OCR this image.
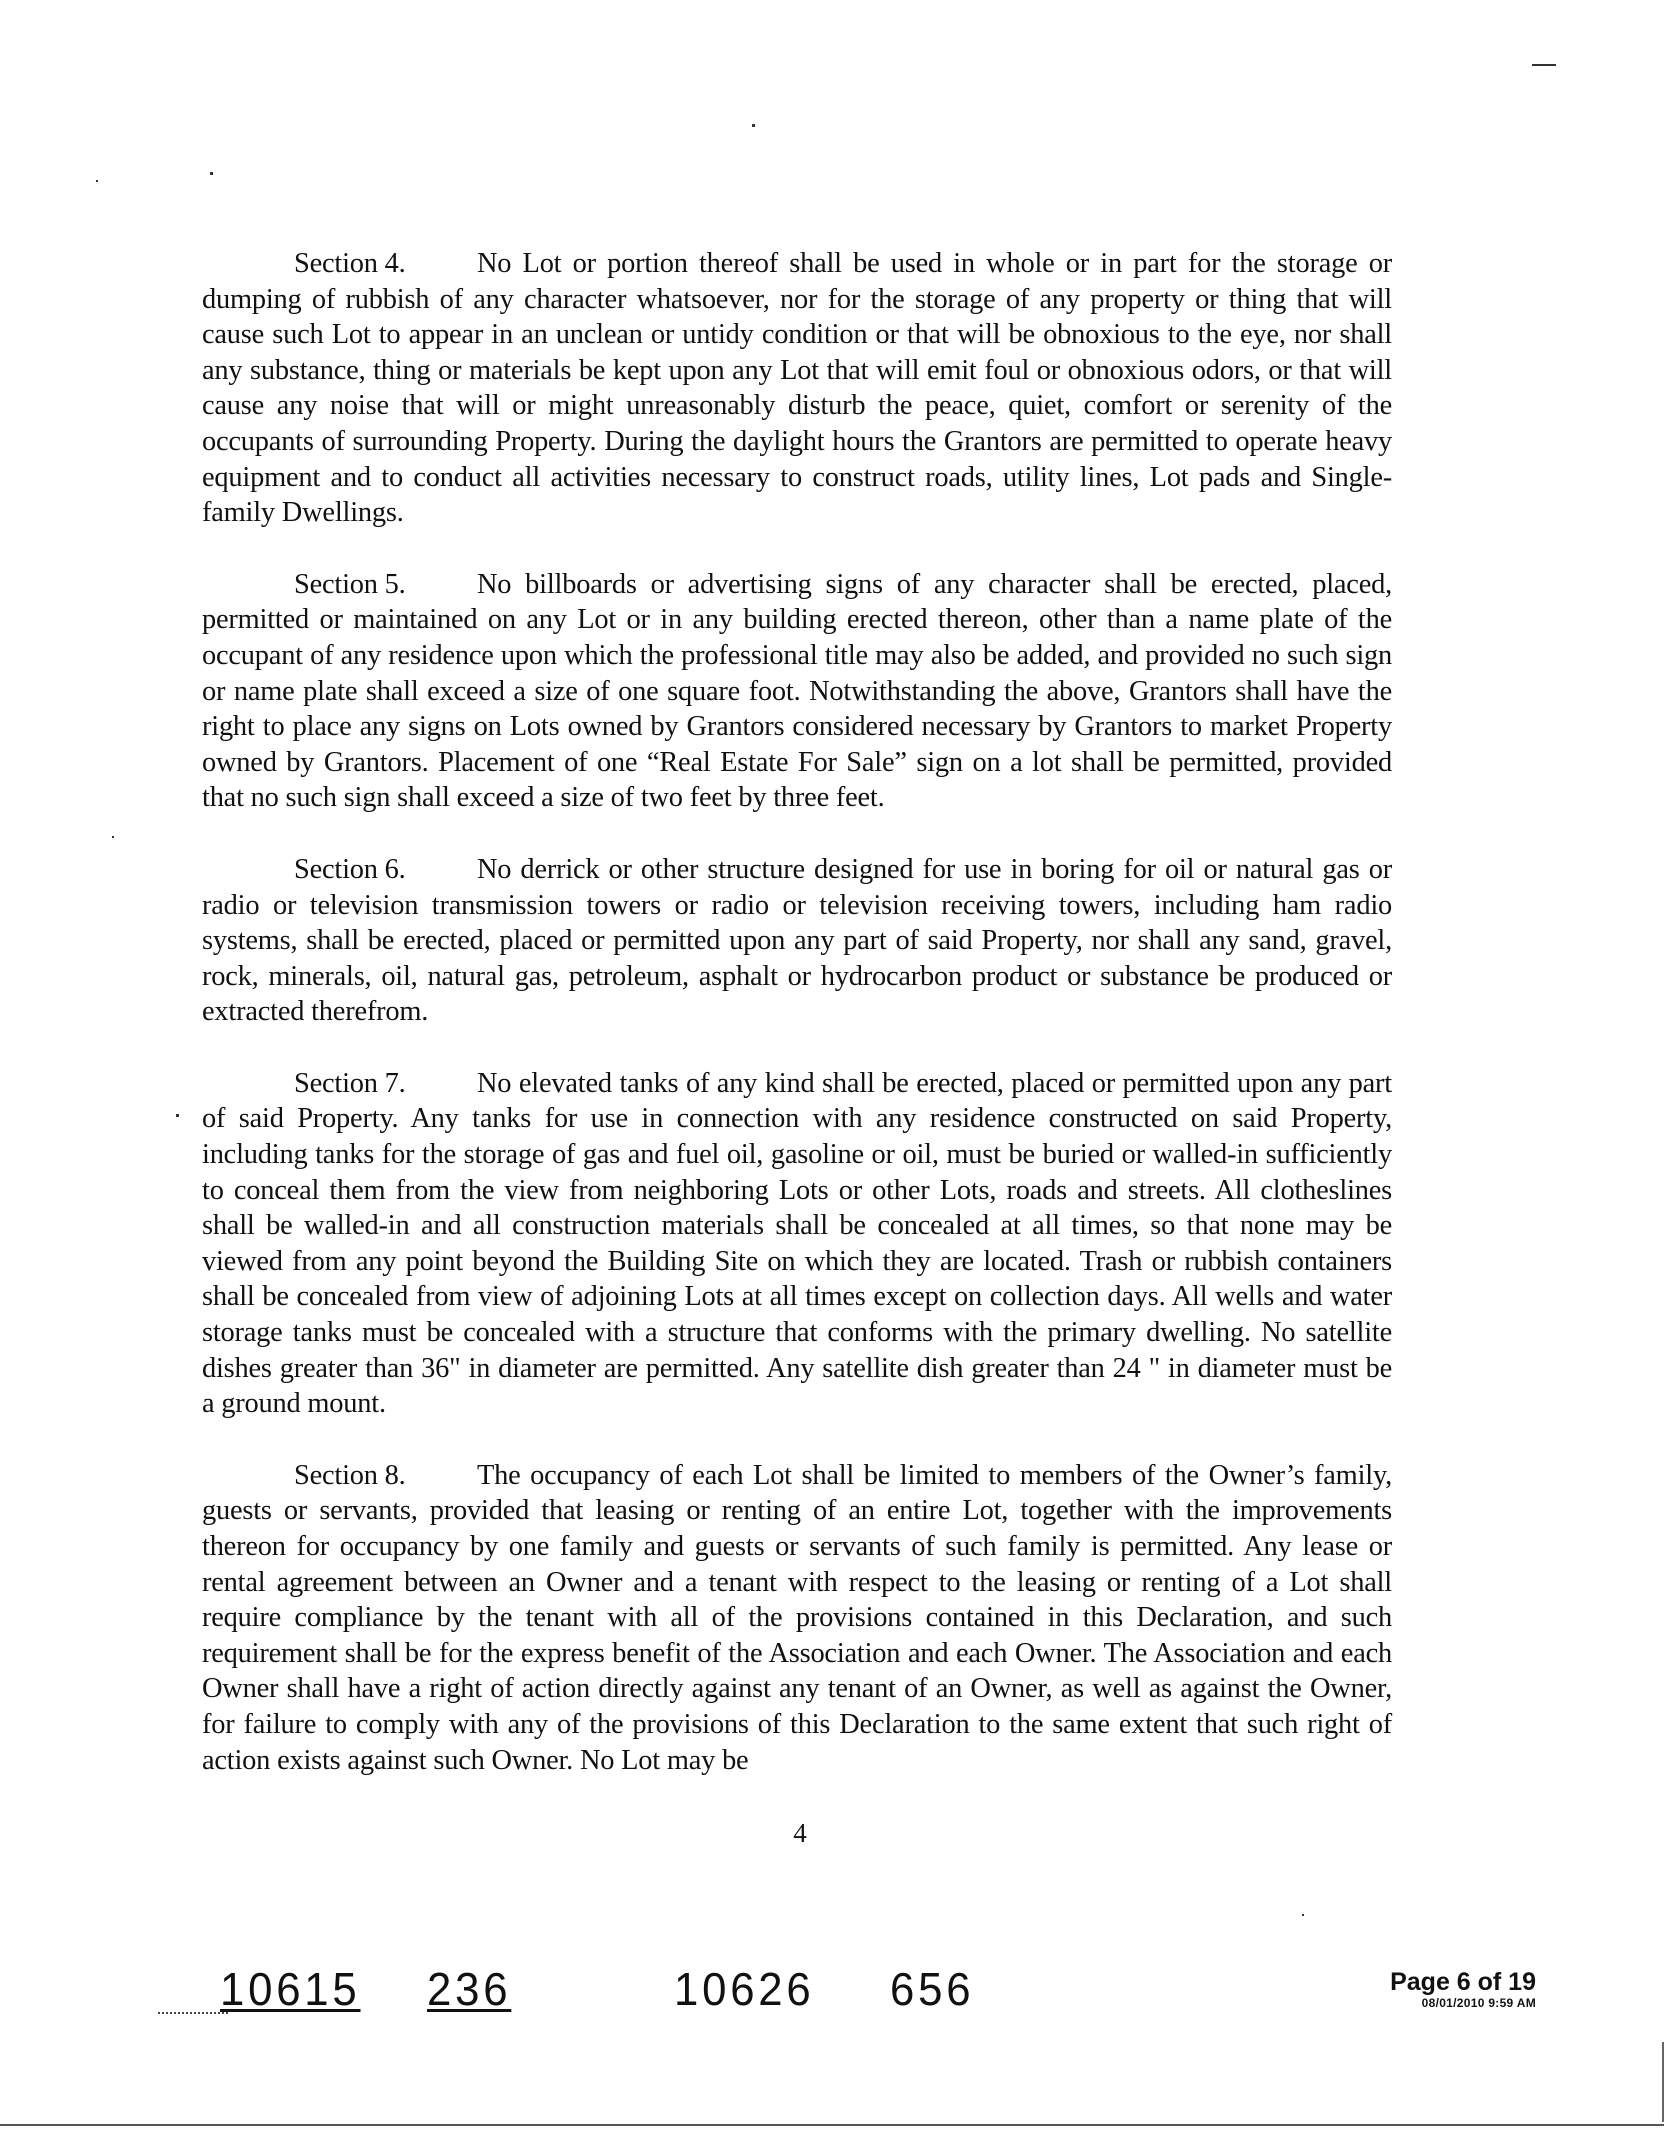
Section 4.	No Lot or portion thereof shall be used in whole or in part for the storage or dumping of rubbish of any character whatsoever, nor for the storage of any property or thing that will cause such Lot to appear in an unclean or untidy condition or that will be obnoxious to the eye, nor shall any substance, thing or materials be kept upon any Lot that will emit foul or obnoxious odors, or that will cause any noise that will or might unreasonably disturb the peace, quiet, comfort or serenity of the occupants of surrounding Property. During the daylight hours the Grantors are permitted to operate heavy equipment and to conduct all activities necessary to construct roads, utility lines, Lot pads and Single-family Dwellings.

Section 5.	No billboards or advertising signs of any character shall be erected, placed, permitted or maintained on any Lot or in any building erected thereon, other than a name plate of the occupant of any residence upon which the professional title may also be added, and provided no such sign or name plate shall exceed a size of one square foot. Notwithstanding the above, Grantors shall have the right to place any signs on Lots owned by Grantors considered necessary by Grantors to market Property owned by Grantors. Placement of one “Real Estate For Sale” sign on a lot shall be permitted, provided that no such sign shall exceed a size of two feet by three feet.

Section 6.	No derrick or other structure designed for use in boring for oil or natural gas or radio or television transmission towers or radio or television receiving towers, including ham radio systems, shall be erected, placed or permitted upon any part of said Property, nor shall any sand, gravel, rock, minerals, oil, natural gas, petroleum, asphalt or hydrocarbon product or substance be produced or extracted therefrom.

Section 7.	No elevated tanks of any kind shall be erected, placed or permitted upon any part of said Property. Any tanks for use in connection with any residence constructed on said Property, including tanks for the storage of gas and fuel oil, gasoline or oil, must be buried or walled-in sufficiently to conceal them from the view from neighboring Lots or other Lots, roads and streets. All clotheslines shall be walled-in and all construction materials shall be concealed at all times, so that none may be viewed from any point beyond the Building Site on which they are located. Trash or rubbish containers shall be concealed from view of adjoining Lots at all times except on collection days. All wells and water storage tanks must be concealed with a structure that conforms with the primary dwelling. No satellite dishes greater than 36" in diameter are permitted. Any satellite dish greater than 24 " in diameter must be a ground mount.

Section 8.	The occupancy of each Lot shall be limited to members of the Owner’s family, guests or servants, provided that leasing or renting of an entire Lot, together with the improvements thereon for occupancy by one family and guests or servants of such family is permitted. Any lease or rental agreement between an Owner and a tenant with respect to the leasing or renting of a Lot shall require compliance by the tenant with all of the provisions contained in this Declaration, and such requirement shall be for the express benefit of the Association and each Owner. The Association and each Owner shall have a right of action directly against any tenant of an Owner, as well as against the Owner, for failure to comply with any of the provisions of this Declaration to the same extent that such right of action exists against such Owner. No Lot may be

4
10615 236	10626 656	Page 6 of 19
08/01/2010 9:59 AM
